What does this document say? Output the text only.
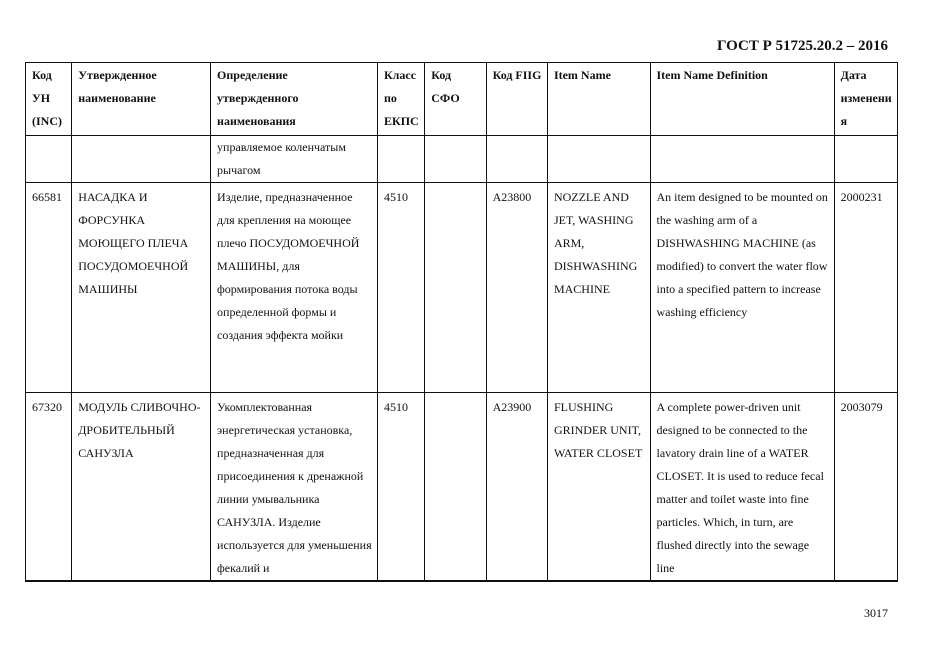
ГОСТ Р 51725.20.2 – 2016
Код УН (INC)	Утвержденное наименование	Определение утвержденного наименования	Класс по ЕКПС	Код СФО	Код FIIG	Item Name	Item Name Definition	Дата изменения
		управляемое коленчатым рычагом						
66581	НАСАДКА И ФОРСУНКА МОЮЩЕГО ПЛЕЧА ПОСУДОМОЕЧНОЙ МАШИНЫ	Изделие, предназначенное для крепления на моющее плечо ПОСУДОМОЕЧНОЙ МАШИНЫ, для формирования потока воды определенной формы и создания эффекта мойки	4510		A23800	NOZZLE AND JET, WASHING ARM, DISHWASHING MACHINE	An item designed to be mounted on the washing arm of a DISHWASHING MACHINE (as modified) to convert the water flow into a specified pattern to increase washing efficiency	2000231
67320	МОДУЛЬ СЛИВОЧНО-ДРОБИТЕЛЬНЫЙ САНУЗЛА	Укомплектованная энергетическая установка, предназначенная для присоединения к дренажной линии умывальника САНУЗЛА. Изделие используется для уменьшения фекалий и	4510		A23900	FLUSHING GRINDER UNIT, WATER CLOSET	A complete power-driven unit designed to be connected to the lavatory drain line of a WATER CLOSET. It is used to reduce fecal matter and toilet waste into fine particles. Which, in turn, are flushed directly into the sewage line	2003079
3017
